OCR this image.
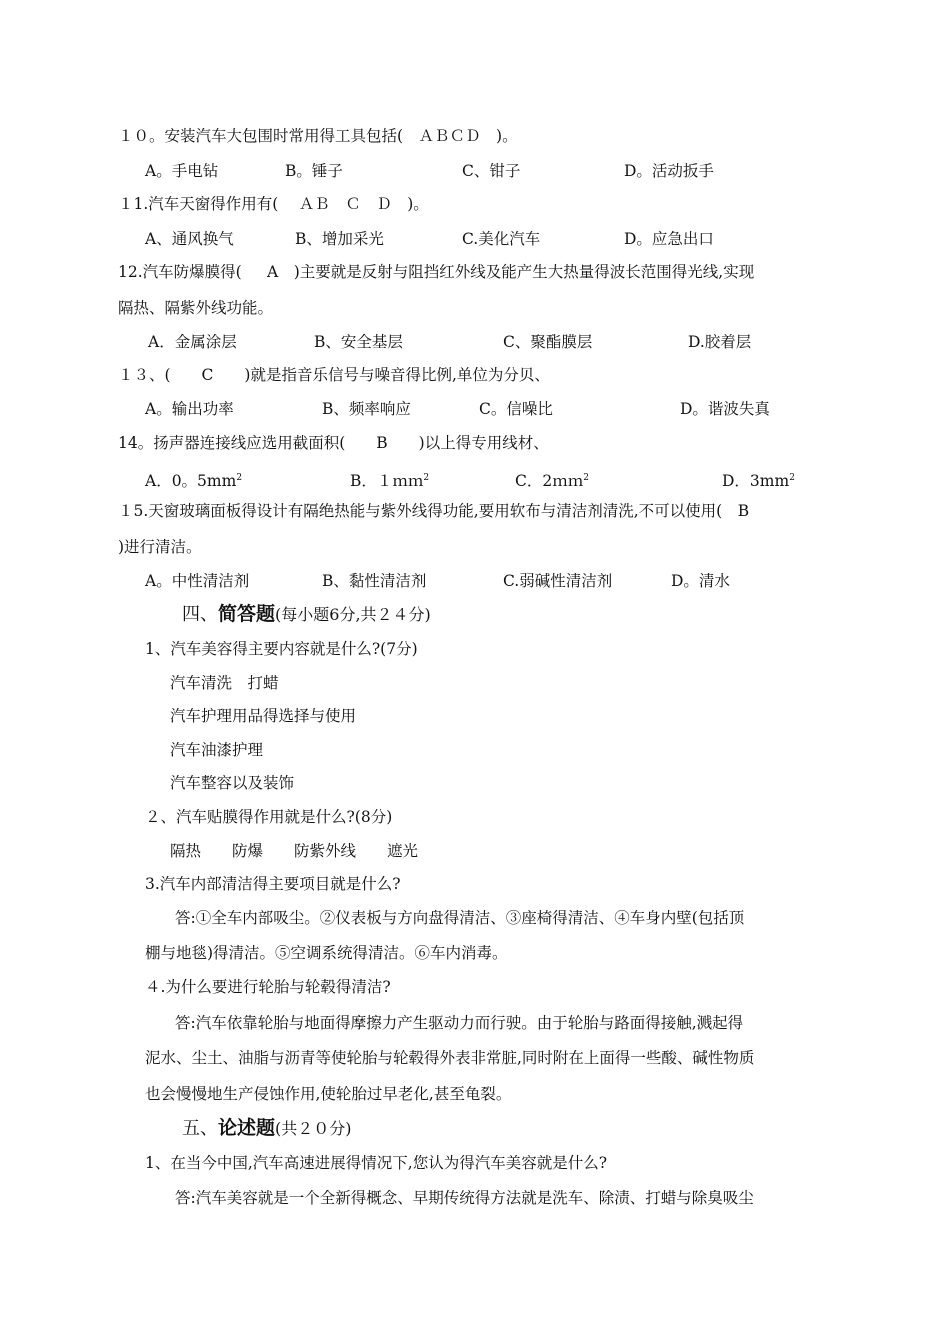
１０。安装汽车大包围时常用得工具包括(　ＡＢＣＤ　)。
A。手电钻	B。锤子	C、钳子	D。活动扳手
１1.汽车天窗得作用有(　 ＡＢ　Ｃ　Ｄ　)。
A、通风换气	B、增加采光	C.美化汽车	D。应急出口
12.汽车防爆膜得(　  A　)主要就是反射与阻挡红外线及能产生大热量得波长范围得光线,实现
隔热、隔紫外线功能。
A．金属涂层	B、安全基层	C、聚酯膜层	D.胶着层
１３、(　　C　　)就是指音乐信号与噪音得比例,单位为分贝、
A。输出功率	B、频率响应	C。信噪比	D。谐波失真
14。扬声器连接线应选用截面积(　　B　　)以上得专用线材、
A．0。$5mm^2$	B．１ｍｍ$^2$	C．2ｍｍ$^2$	D．$3mm^2$
１5.天窗玻璃面板得设计有隔绝热能与紫外线得功能,要用软布与清洁剂清洗,不可以使用(　B
)进行清洁。
A。中性清洁剂	B、黏性清洁剂	C.弱碱性清洁剂	D。清水
四、简答题(每小题6分,共２４分)
1、汽车美容得主要内容就是什么?(7分)
汽车清洗　打蜡
汽车护理用品得选择与使用
汽车油漆护理
汽车整容以及装饰
２、汽车贴膜得作用就是什么?(8分)
隔热　　防爆　　防紫外线　　遮光
3.汽车内部清洁得主要项目就是什么?
答:①全车内部吸尘。②仪表板与方向盘得清洁、③座椅得清洁、④车身内壁(包括顶
棚与地毯)得清洁。⑤空调系统得清洁。⑥车内消毒。
４.为什么要进行轮胎与轮毂得清洁?
答:汽车依靠轮胎与地面得摩擦力产生驱动力而行驶。由于轮胎与路面得接触,溅起得
泥水、尘土、油脂与沥青等使轮胎与轮毂得外表非常脏,同时附在上面得一些酸、碱性物质
也会慢慢地生产侵蚀作用,使轮胎过早老化,甚至龟裂。
五、论述题(共２０分)
1、在当今中国,汽车高速进展得情况下,您认为得汽车美容就是什么?
答:汽车美容就是一个全新得概念、早期传统得方法就是洗车、除渍、打蜡与除臭吸尘
